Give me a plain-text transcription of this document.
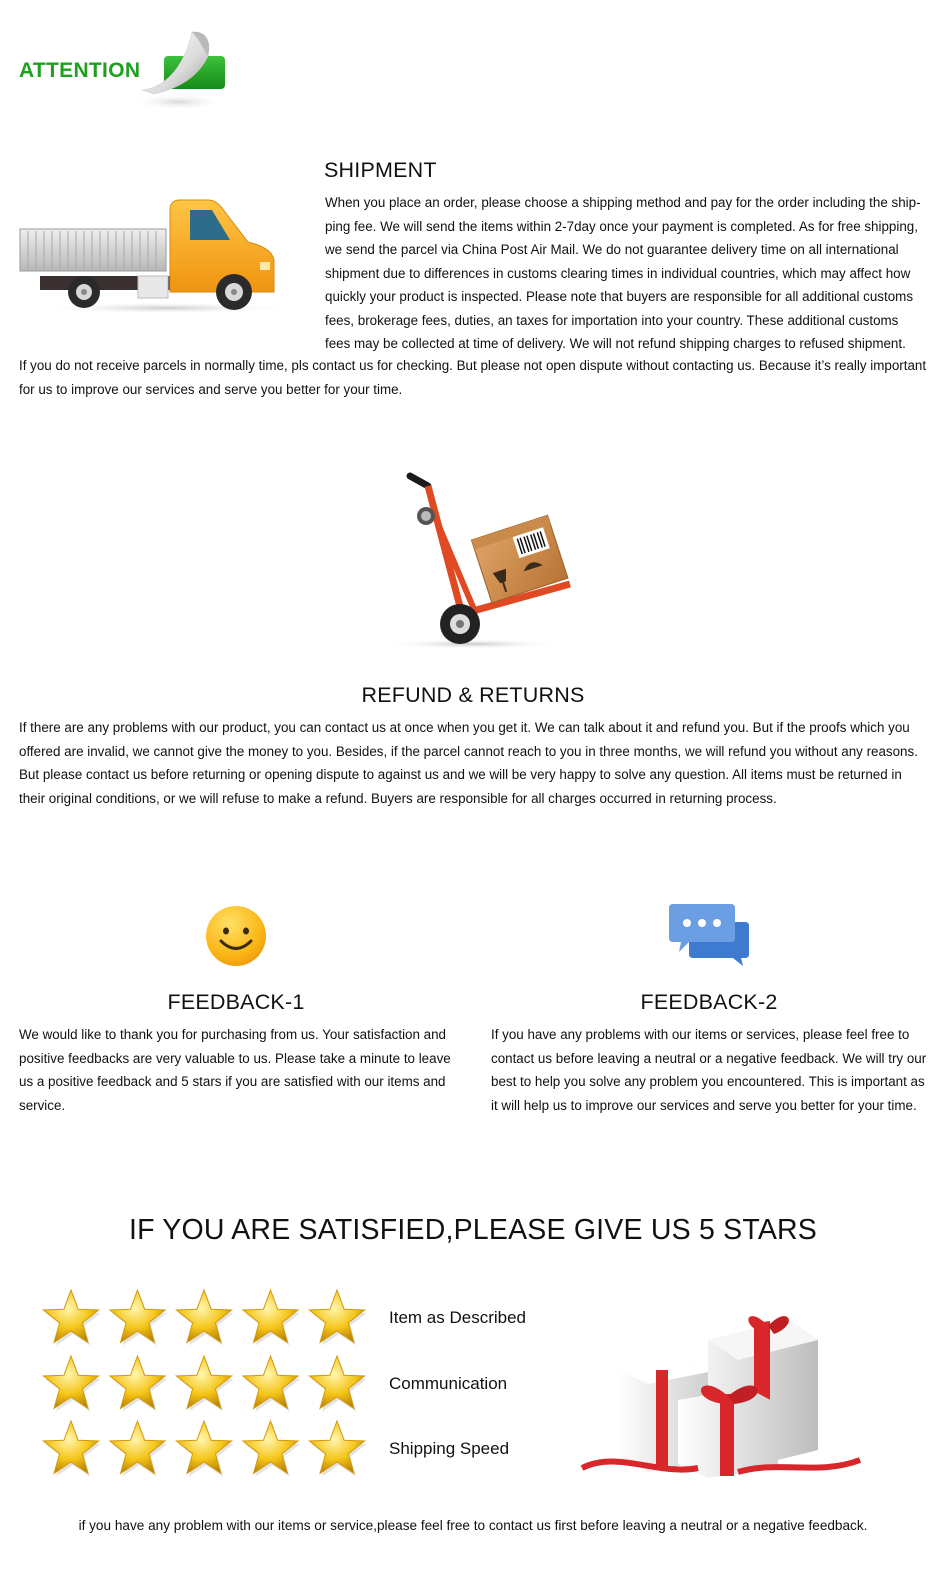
ATTENTION
SHIPMENT
When you place an order, please choose a shipping method and pay for the order including the ship-
ping fee. We will send the items within 2-7day once your payment is completed. As for free shipping,
we send the parcel via China Post Air Mail. We do not guarantee delivery time on all international
shipment due to differences in customs clearing times in individual countries, which may affect how
quickly your product is inspected. Please note that buyers are responsible for all additional customs
fees, brokerage fees, duties, an taxes for importation into your country. These additional customs
fees may be collected at time of delivery. We will not refund shipping charges to refused shipment.
If you do not receive parcels in normally time, pls contact us for checking. But please not open dispute without contacting us. Because it’s really important
for us to improve our services and serve you better for your time.
REFUND & RETURNS
If there are any problems with our product, you can contact us at once when you get it. We can talk about it and refund you. But if the proofs which you
offered are invalid, we cannot give the money to you. Besides, if the parcel cannot reach to you in three months, we will refund you without any reasons.
But please contact us before returning or opening dispute to against us and we will be very happy to solve any question. All items must be returned in
their original conditions, or we will refuse to make a refund. Buyers are responsible for all charges occurred in returning process.
FEEDBACK-1	FEEDBACK-2
We would like to thank you for purchasing from us. Your satisfaction and
positive feedbacks are very valuable to us. Please take a minute to leave
us a positive feedback and 5 stars if you are satisfied with our items and
service.
If you have any problems with our items or services, please feel free to
contact us before leaving a neutral or a negative feedback. We will try our
best to help you solve any problem you encountered. This is important as
it will help us to improve our services and serve you better for your time.
IF YOU ARE SATISFIED,PLEASE GIVE US 5 STARS
Item as Described
Communication
Shipping Speed
if you have any problem with our items or service,please feel free to contact us first before leaving a neutral or a negative feedback.
